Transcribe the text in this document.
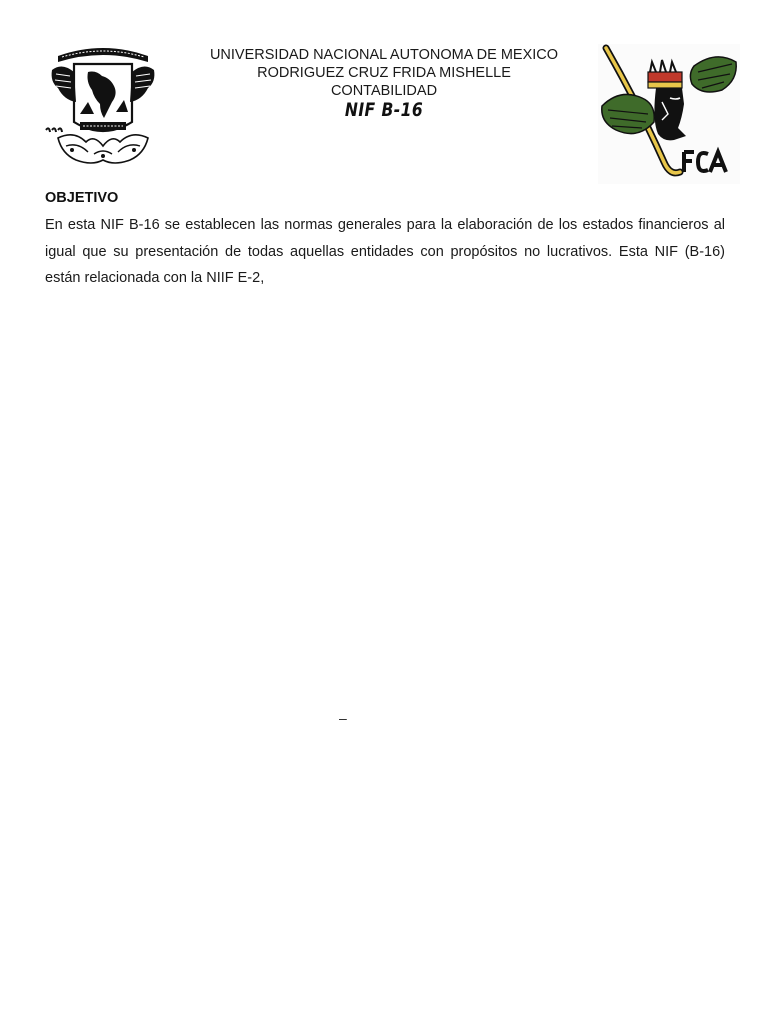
UNIVERSIDAD NACIONAL AUTONOMA DE MEXICO
RODRIGUEZ CRUZ FRIDA MISHELLE
CONTABILIDAD
NIF B-16
OBJETIVO

En esta NIF B-16 se establecen las normas generales para la elaboración de los estados financieros al igual que su presentación de todas aquellas entidades con propósitos no lucrativos. Esta NIF (B-16) están relacionada con la NIIF E-2,

–
